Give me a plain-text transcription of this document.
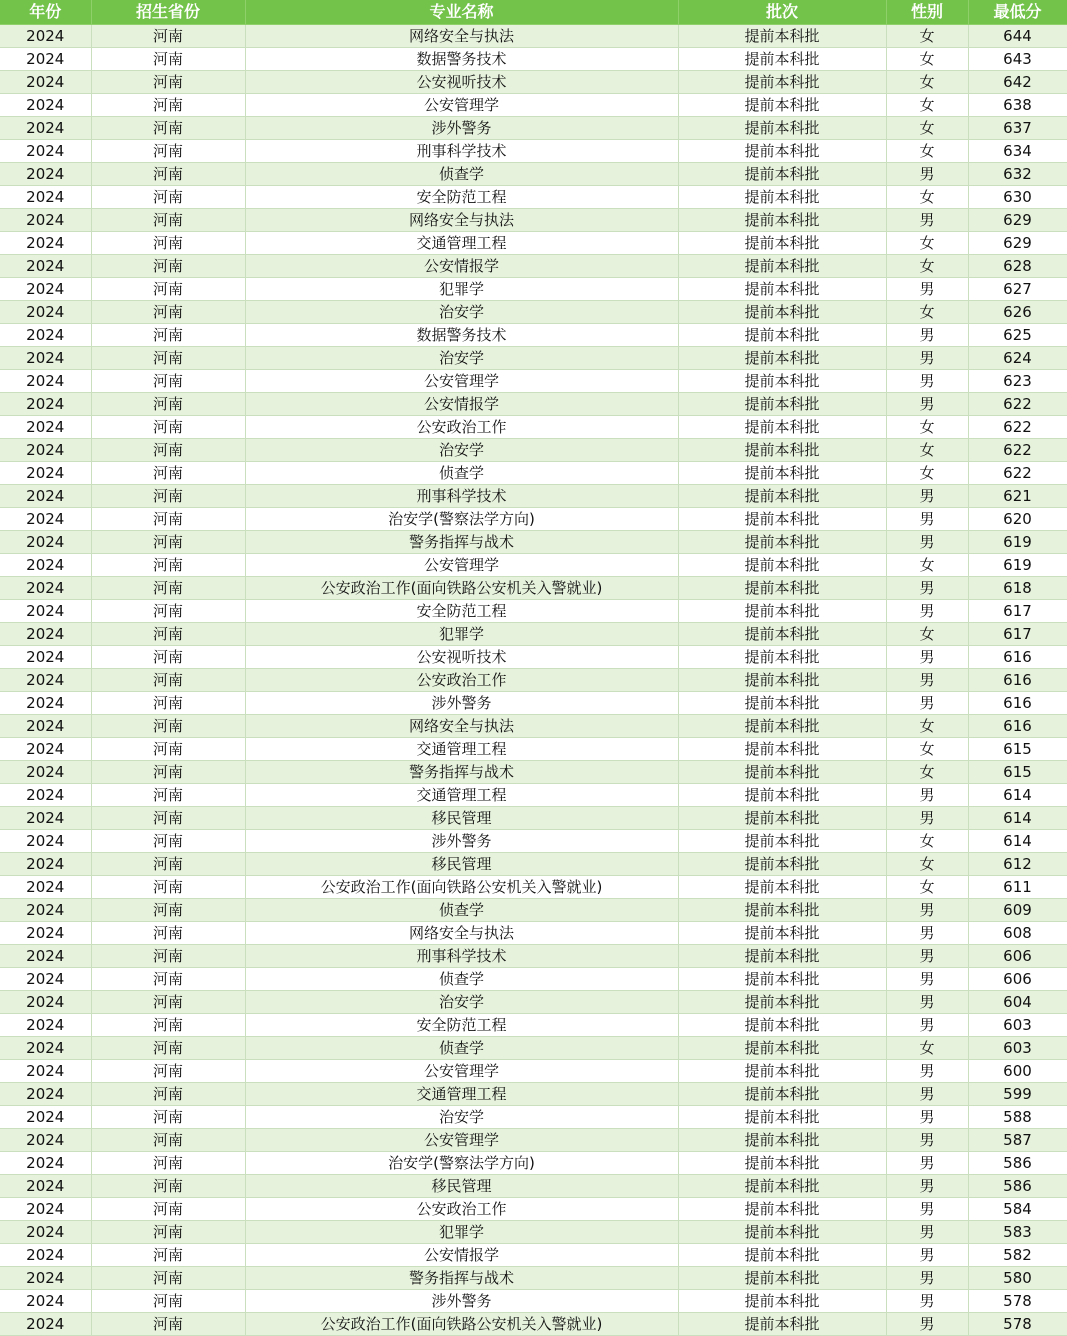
年份	招生省份	专业名称	批次	性别	最低分
2024	河南	网络安全与执法	提前本科批	女	644
2024	河南	数据警务技术	提前本科批	女	643
2024	河南	公安视听技术	提前本科批	女	642
2024	河南	公安管理学	提前本科批	女	638
2024	河南	涉外警务	提前本科批	女	637
2024	河南	刑事科学技术	提前本科批	女	634
2024	河南	侦查学	提前本科批	男	632
2024	河南	安全防范工程	提前本科批	女	630
2024	河南	网络安全与执法	提前本科批	男	629
2024	河南	交通管理工程	提前本科批	女	629
2024	河南	公安情报学	提前本科批	女	628
2024	河南	犯罪学	提前本科批	男	627
2024	河南	治安学	提前本科批	女	626
2024	河南	数据警务技术	提前本科批	男	625
2024	河南	治安学	提前本科批	男	624
2024	河南	公安管理学	提前本科批	男	623
2024	河南	公安情报学	提前本科批	男	622
2024	河南	公安政治工作	提前本科批	女	622
2024	河南	治安学	提前本科批	女	622
2024	河南	侦查学	提前本科批	女	622
2024	河南	刑事科学技术	提前本科批	男	621
2024	河南	治安学(警察法学方向)	提前本科批	男	620
2024	河南	警务指挥与战术	提前本科批	男	619
2024	河南	公安管理学	提前本科批	女	619
2024	河南	公安政治工作(面向铁路公安机关入警就业)	提前本科批	男	618
2024	河南	安全防范工程	提前本科批	男	617
2024	河南	犯罪学	提前本科批	女	617
2024	河南	公安视听技术	提前本科批	男	616
2024	河南	公安政治工作	提前本科批	男	616
2024	河南	涉外警务	提前本科批	男	616
2024	河南	网络安全与执法	提前本科批	女	616
2024	河南	交通管理工程	提前本科批	女	615
2024	河南	警务指挥与战术	提前本科批	女	615
2024	河南	交通管理工程	提前本科批	男	614
2024	河南	移民管理	提前本科批	男	614
2024	河南	涉外警务	提前本科批	女	614
2024	河南	移民管理	提前本科批	女	612
2024	河南	公安政治工作(面向铁路公安机关入警就业)	提前本科批	女	611
2024	河南	侦查学	提前本科批	男	609
2024	河南	网络安全与执法	提前本科批	男	608
2024	河南	刑事科学技术	提前本科批	男	606
2024	河南	侦查学	提前本科批	男	606
2024	河南	治安学	提前本科批	男	604
2024	河南	安全防范工程	提前本科批	男	603
2024	河南	侦查学	提前本科批	女	603
2024	河南	公安管理学	提前本科批	男	600
2024	河南	交通管理工程	提前本科批	男	599
2024	河南	治安学	提前本科批	男	588
2024	河南	公安管理学	提前本科批	男	587
2024	河南	治安学(警察法学方向)	提前本科批	男	586
2024	河南	移民管理	提前本科批	男	586
2024	河南	公安政治工作	提前本科批	男	584
2024	河南	犯罪学	提前本科批	男	583
2024	河南	公安情报学	提前本科批	男	582
2024	河南	警务指挥与战术	提前本科批	男	580
2024	河南	涉外警务	提前本科批	男	578
2024	河南	公安政治工作(面向铁路公安机关入警就业)	提前本科批	男	578
